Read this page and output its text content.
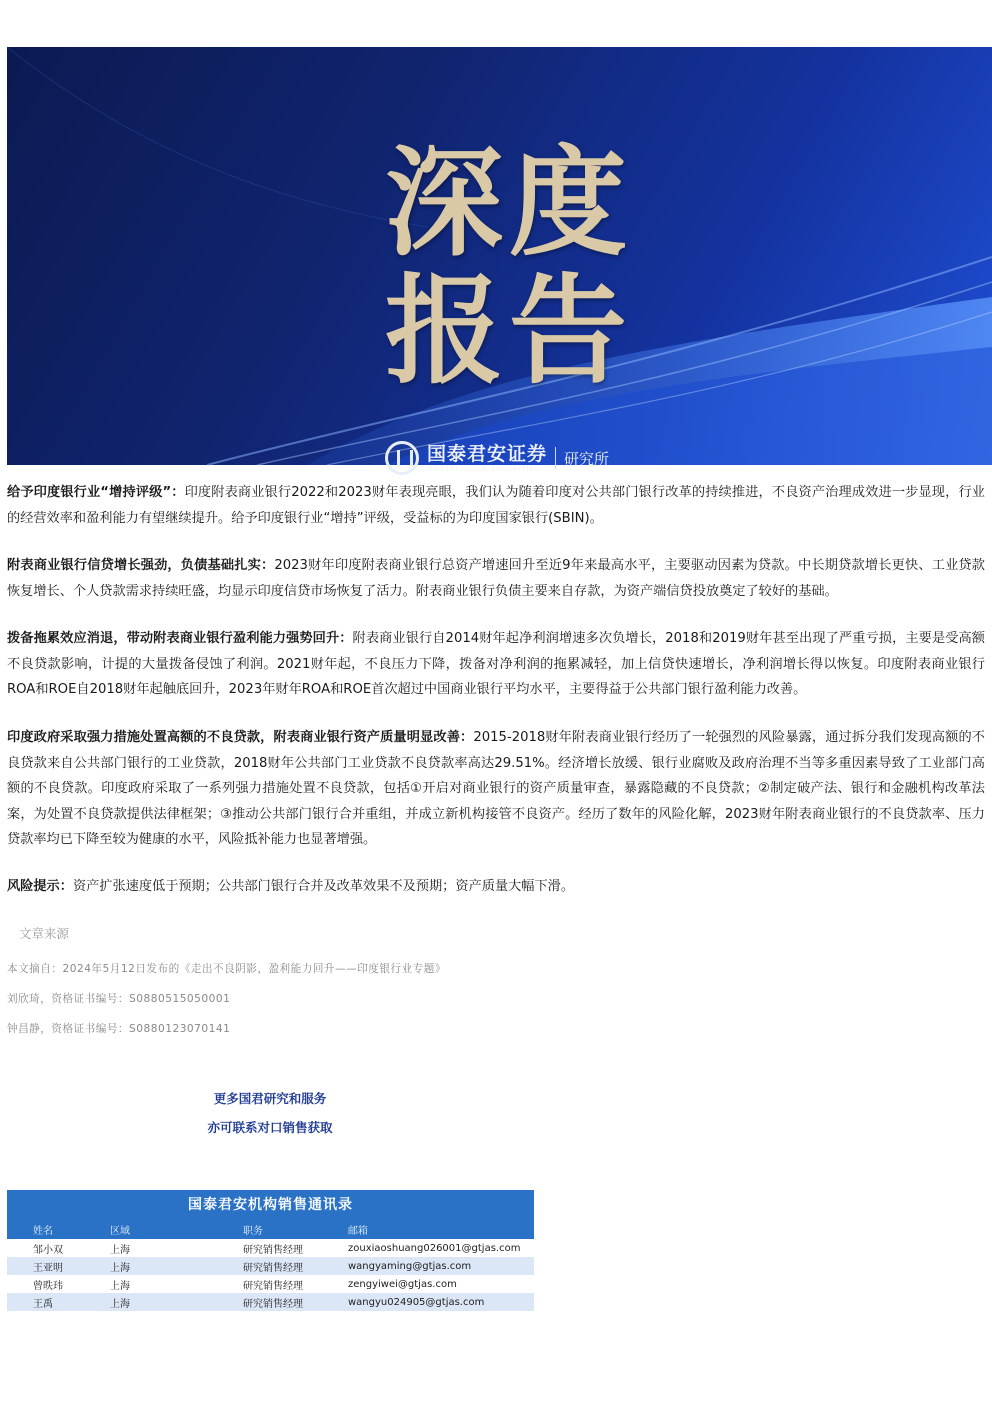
深度
报告
国泰君安证券
GUOTAI JUNAN SECURITIES
研究所

给予印度银行业“增持评级”：印度附表商业银行2022和2023财年表现亮眼，我们认为随着印度对公共部门银行改革的持续推进，不良资产治理成效进一步显现，行业的经营效率和盈利能力有望继续提升。给予印度银行业“增持”评级，受益标的为印度国家银行(SBIN)。

附表商业银行信贷增长强劲，负债基础扎实：2023财年印度附表商业银行总资产增速回升至近9年来最高水平，主要驱动因素为贷款。中长期贷款增长更快、工业贷款恢复增长、个人贷款需求持续旺盛，均显示印度信贷市场恢复了活力。附表商业银行负债主要来自存款，为资产端信贷投放奠定了较好的基础。

拨备拖累效应消退，带动附表商业银行盈利能力强势回升：附表商业银行自2014财年起净利润增速多次负增长，2018和2019财年甚至出现了严重亏损，主要是受高额不良贷款影响，计提的大量拨备侵蚀了利润。2021财年起，不良压力下降，拨备对净利润的拖累减轻，加上信贷快速增长，净利润增长得以恢复。印度附表商业银行ROA和ROE自2018财年起触底回升，2023年财年ROA和ROE首次超过中国商业银行平均水平，主要得益于公共部门银行盈利能力改善。

印度政府采取强力措施处置高额的不良贷款，附表商业银行资产质量明显改善：2015-2018财年附表商业银行经历了一轮强烈的风险暴露，通过拆分我们发现高额的不良贷款来自公共部门银行的工业贷款，2018财年公共部门工业贷款不良贷款率高达29.51%。经济增长放缓、银行业腐败及政府治理不当等多重因素导致了工业部门高额的不良贷款。印度政府采取了一系列强力措施处置不良贷款，包括①开启对商业银行的资产质量审查，暴露隐藏的不良贷款；②制定破产法、银行和金融机构改革法案，为处置不良贷款提供法律框架；③推动公共部门银行合并重组，并成立新机构接管不良资产。经历了数年的风险化解，2023财年附表商业银行的不良贷款率、压力贷款率均已下降至较为健康的水平，风险抵补能力也显著增强。

风险提示：资产扩张速度低于预期；公共部门银行合并及改革效果不及预期；资产质量大幅下滑。

文章来源
本文摘自：2024年5月12日发布的《走出不良阴影，盈利能力回升——印度银行业专题》
刘欣琦，资格证书编号：S0880515050001
钟昌静，资格证书编号：S0880123070141
更多国君研究和服务
亦可联系对口销售获取
国泰君安机构销售通讯录
姓名	区域	职务	邮箱
邹小双	上海	研究销售经理	zouxiaoshuang026001@gtjas.com
王亚明	上海	研究销售经理	wangyaming@gtjas.com
曾昳玮	上海	研究销售经理	zengyiwei@gtjas.com
王禹	上海	研究销售经理	wangyu024905@gtjas.com
